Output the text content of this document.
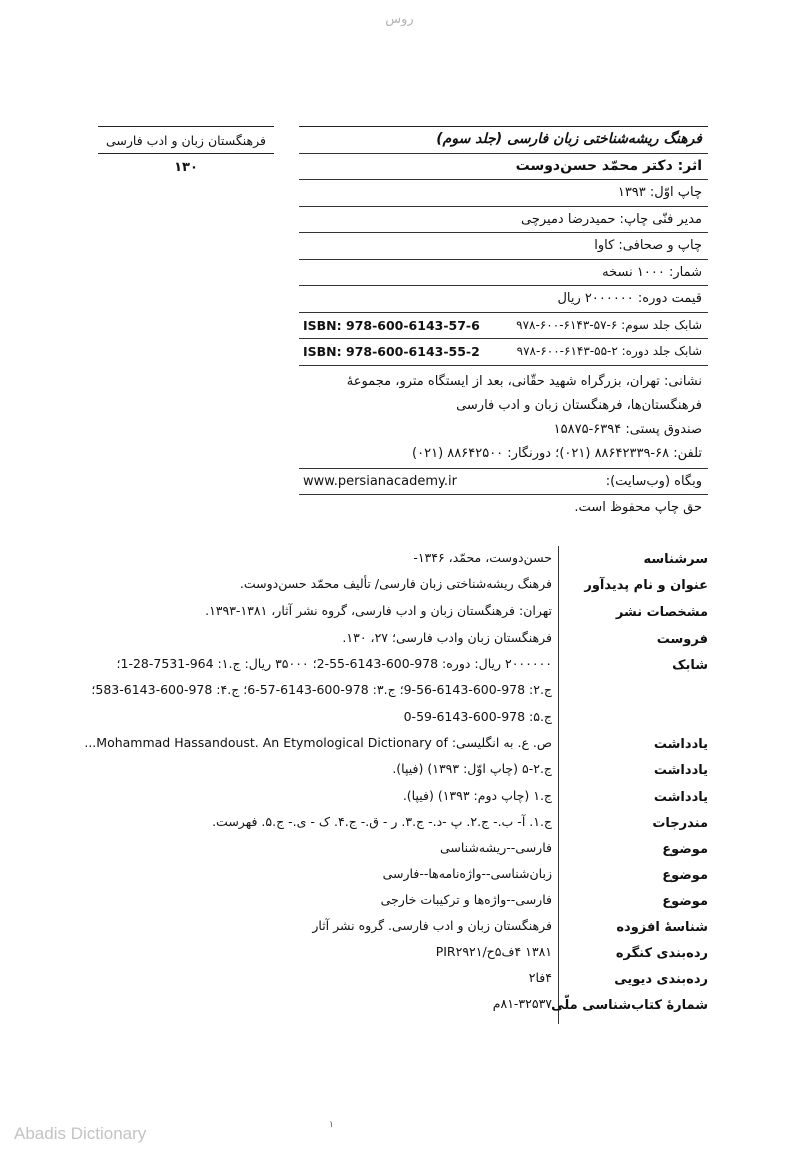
روس
فرهنگستان زبان و ادب فارسی
۱۳۰
فرهنگ ریشه‌شناختی زبان فارسی (جلد سوم)
اثر: دکتر محمّد حسن‌دوست
چاپ اوّل: ۱۳۹۳
مدیر فنّی چاپ: حمیدرضا دمیرچی
چاپ و صحافی: کاوا
شمار: ۱۰۰۰ نسخه
قیمت دوره: ۲۰۰۰۰۰۰ ریال
شابک جلد سوم: ۶-۵۷-۶۱۴۳-۶۰۰-۹۷۸
ISBN: 978-600-6143-57-6
شابک جلد دوره: ۲-۵۵-۶۱۴۳-۶۰۰-۹۷۸
ISBN: 978-600-6143-55-2
نشانی: تهران، بزرگراه شهید حقّانی، بعد از ایستگاه مترو، مجموعهٔ
فرهنگستان‌ها، فرهنگستان زبان و ادب فارسی
صندوق پستی: ۶۳۹۴-۱۵۸۷۵
تلفن: ۶۸-۸۸۶۴۲۳۳۹ (۰۲۱)؛ دورنگار: ۸۸۶۴۲۵۰۰ (۰۲۱)
وبگاه (وب‌سایت):
www.persianacademy.ir
حق چاپ محفوظ است.
سرشناسه
عنوان و نام پدیدآور
مشخصات نشر
فروست
شابک
یادداشت
یادداشت
یادداشت
مندرجات
موضوع
موضوع
موضوع
شناسهٔ افزوده
رده‌بندی کنگره
رده‌بندی دیویی
شمارهٔ کتاب‌شناسی ملّی
حسن‌دوست، محمّد، ۱۳۴۶-
فرهنگ ریشه‌شناختی زبان فارسی/ تألیف محمّد حسن‌دوست.
تهران: فرهنگستان زبان و ادب فارسی، گروه نشر آثار، ۱۳۸۱-۱۳۹۳.
فرهنگستان زبان وادب فارسی؛ ۲۷، ۱۳۰.
۲۰۰۰۰۰۰ ریال: دوره: 978-600-6143-55-2؛ ۳۵۰۰۰ ریال: ج.۱: 964-7531-28-1؛
ج.۲: 978-600-6143-56-9؛ ج.۳: 978-600-6143-57-6؛ ج.۴: 978-600-6143-583؛
ج.۵: 978-600-6143-59-0
ص. ع. به انگلیسی: Mohammad Hassandoust. An Etymological Dictionary of...
ج.۲-۵ (چاپ اوّل: ۱۳۹۳) (فیپا).
ج.۱ (چاپ دوم: ۱۳۹۳) (فیپا).
ج.۱. آ- ب.- ج.۲. پ -د.- ج.۳. ر - ق.- ج.۴. ک - ی.- ج.۵. فهرست.
فارسی--ریشه‌شناسی
زبان‌شناسی--واژه‌نامه‌ها--فارسی
فارسی--واژه‌ها و ترکیبات خارجی
فرهنگستان زبان و ادب فارسی. گروه نشر آثار
۱۳۸۱ ۴ف۵ح/PIR۲۹۲۱
۴فا۲
۸۱-۳۲۵۳۷م
۱
Abadis Dictionary
